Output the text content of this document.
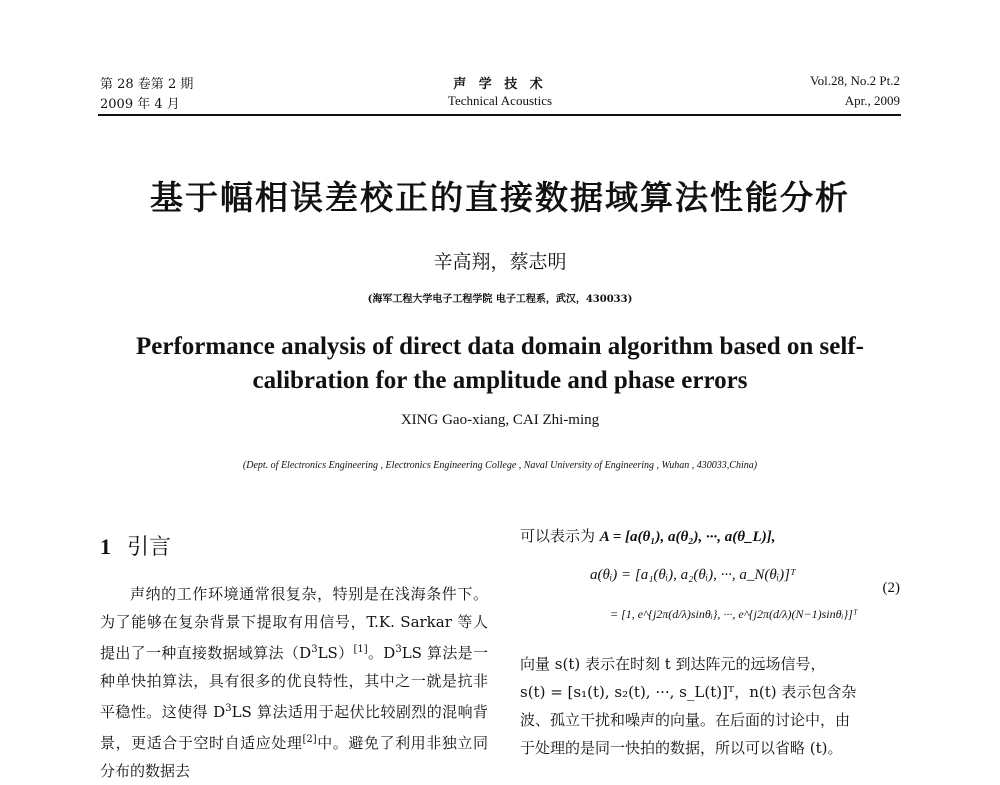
第 28 卷第 2 期
2009 年 4 月
声 学 技 术
Technical Acoustics
Vol.28, No.2 Pt.2
Apr., 2009
基于幅相误差校正的直接数据域算法性能分析
辛高翔，蔡志明
(海军工程大学电子工程学院 电子工程系，武汉，430033)
Performance analysis of direct data domain algorithm based on self-calibration for the amplitude and phase errors
XING Gao-xiang, CAI Zhi-ming
(Dept. of Electronics Engineering , Electronics Engineering College , Naval University of Engineering , Wuhan , 430033,China)
1 引言

声纳的工作环境通常很复杂，特别是在浅海条件下。为了能够在复杂背景下提取有用信号，T.K. Sarkar 等人提出了一种直接数据域算法$(D^3LS)[1]$。$D^3LS$ 算法是一种单快拍算法，具有很多的优良特性，其中之一就是抗非平稳性。这使得 $D^3LS$ 算法适用于起伏比较剧烈的混响背景，更适合于空时自适应处理[2]中。避免了利用非独立同分布的数据去

可以表示为 A = [a(θ₁), a(θ₂), ···, a(θ_L)],
a(θᵢ) = [a₁(θᵢ), a₂(θᵢ), ···, a_N(θᵢ)]ᵀ
= [1, e^{j2π(d/λ)sinθᵢ}, ···, e^{j2π(d/λ)(N−1)sinθᵢ}]ᵀ
(2)
向量 s(t) 表示在时刻 t 到达阵元的远场信号，
s(t) = [s₁(t), s₂(t), ···, s_L(t)]ᵀ，n(t) 表示包含杂
波、孤立干扰和噪声的向量。在后面的讨论中，由
于处理的是同一快拍的数据，所以可以省略 (t)。
